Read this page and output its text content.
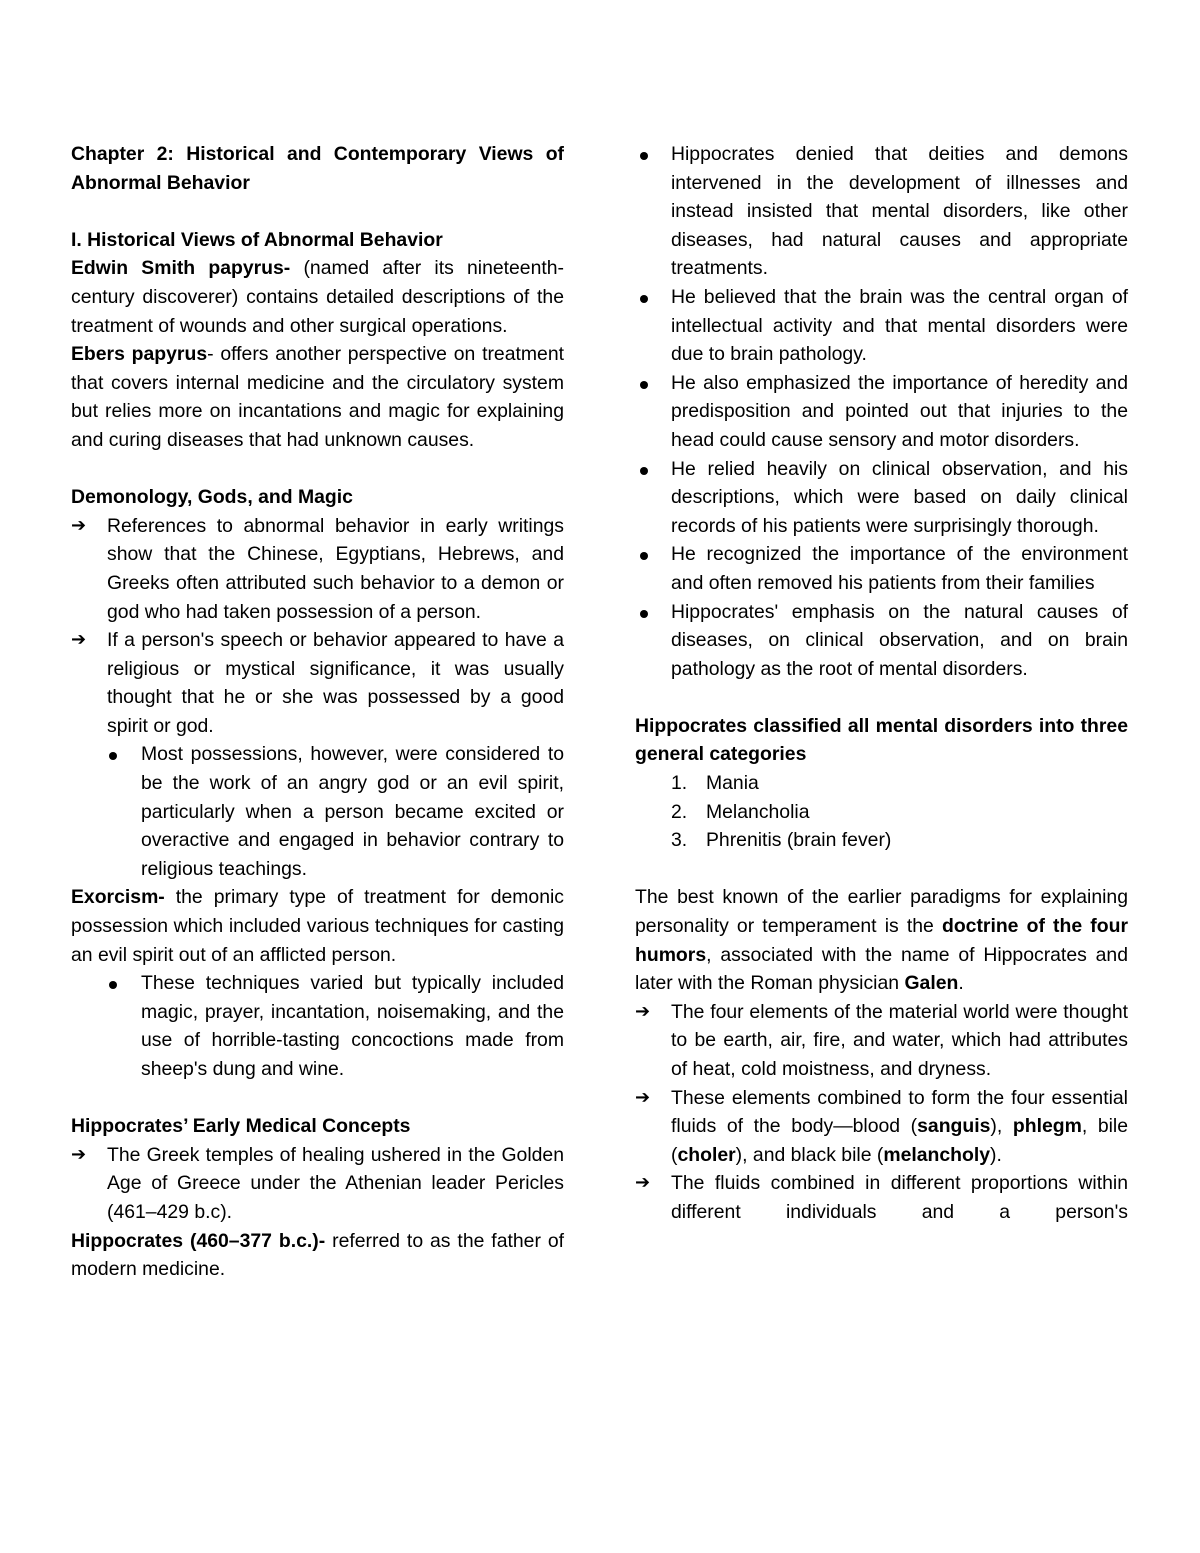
Chapter 2: Historical and Contemporary Views of Abnormal Behavior

I. Historical Views of Abnormal Behavior

Edwin Smith papyrus- (named after its nineteenth-century discoverer) contains detailed descriptions of the treatment of wounds and other surgical operations.

Ebers papyrus- offers another perspective on treatment that covers internal medicine and the circulatory system but relies more on incantations and magic for explaining and curing diseases that had unknown causes.

Demonology, Gods, and Magic

➔ References to abnormal behavior in early writings show that the Chinese, Egyptians, Hebrews, and Greeks often attributed such behavior to a demon or god who had taken possession of a person.

➔ If a person's speech or behavior appeared to have a religious or mystical significance, it was usually thought that he or she was possessed by a good spirit or god.

Most possessions, however, were considered to be the work of an angry god or an evil spirit, particularly when a person became excited or overactive and engaged in behavior contrary to religious teachings.

Exorcism- the primary type of treatment for demonic possession which included various techniques for casting an evil spirit out of an afflicted person.

These techniques varied but typically included magic, prayer, incantation, noisemaking, and the use of horrible-tasting concoctions made from sheep's dung and wine.

Hippocrates’ Early Medical Concepts

➔ The Greek temples of healing ushered in the Golden Age of Greece under the Athenian leader Pericles (461–429 b.c).

Hippocrates (460–377 b.c.)- referred to as the father of modern medicine.

Hippocrates denied that deities and demons intervened in the development of illnesses and instead insisted that mental disorders, like other diseases, had natural causes and appropriate treatments.

He believed that the brain was the central organ of intellectual activity and that mental disorders were due to brain pathology.

He also emphasized the importance of heredity and predisposition and pointed out that injuries to the head could cause sensory and motor disorders.

He relied heavily on clinical observation, and his descriptions, which were based on daily clinical records of his patients were surprisingly thorough.

He recognized the importance of the environment and often removed his patients from their families

Hippocrates' emphasis on the natural causes of diseases, on clinical observation, and on brain pathology as the root of mental disorders.

Hippocrates classified all mental disorders into three general categories

1. Mania

2. Melancholia

3. Phrenitis (brain fever)

The best known of the earlier paradigms for explaining personality or temperament is the doctrine of the four humors, associated with the name of Hippocrates and later with the Roman physician Galen.

➔ The four elements of the material world were thought to be earth, air, fire, and water, which had attributes of heat, cold moistness, and dryness.

➔ These elements combined to form the four essential fluids of the body—blood (sanguis), phlegm, bile (choler), and black bile (melancholy).

➔ The fluids combined in different proportions within different individuals and a person's
